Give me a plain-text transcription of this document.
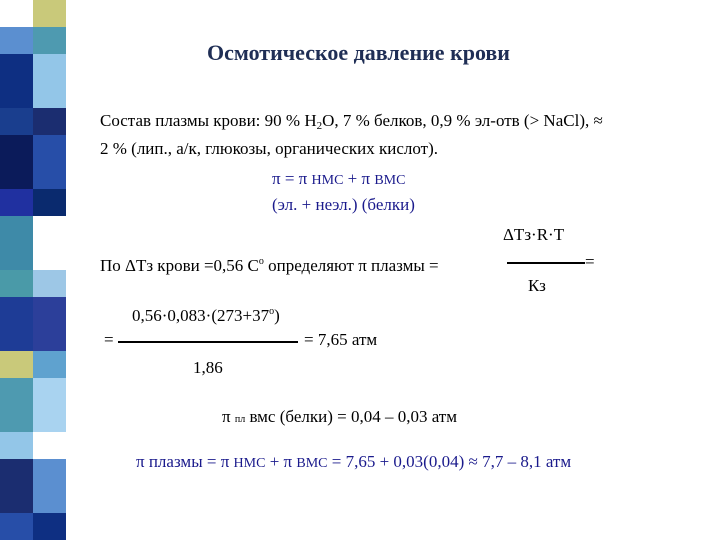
Осмотическое давление крови
Состав плазмы крови: 90 % $H_2O$, 7 % белков, 0,9 % эл-отв (> NaCl), ≈
2 % (лип., а/к, глюкозы, органических кислот).
π = π НМС + π ВМС
(эл. + неэл.) (белки)
ΔTз·R·T
По ΔTз крови =0,56 $С^о$ определяют π плазмы =	=
Кз
$0,56\cdot 0,083\cdot(273+37^о)$
=	= 7,65 атм
1,86
π пл вмс (белки) = 0,04 – 0,03 атм
π плазмы = π НМС + π ВМС = 7,65 + 0,03(0,04) ≈ 7,7 – 8,1 атм
